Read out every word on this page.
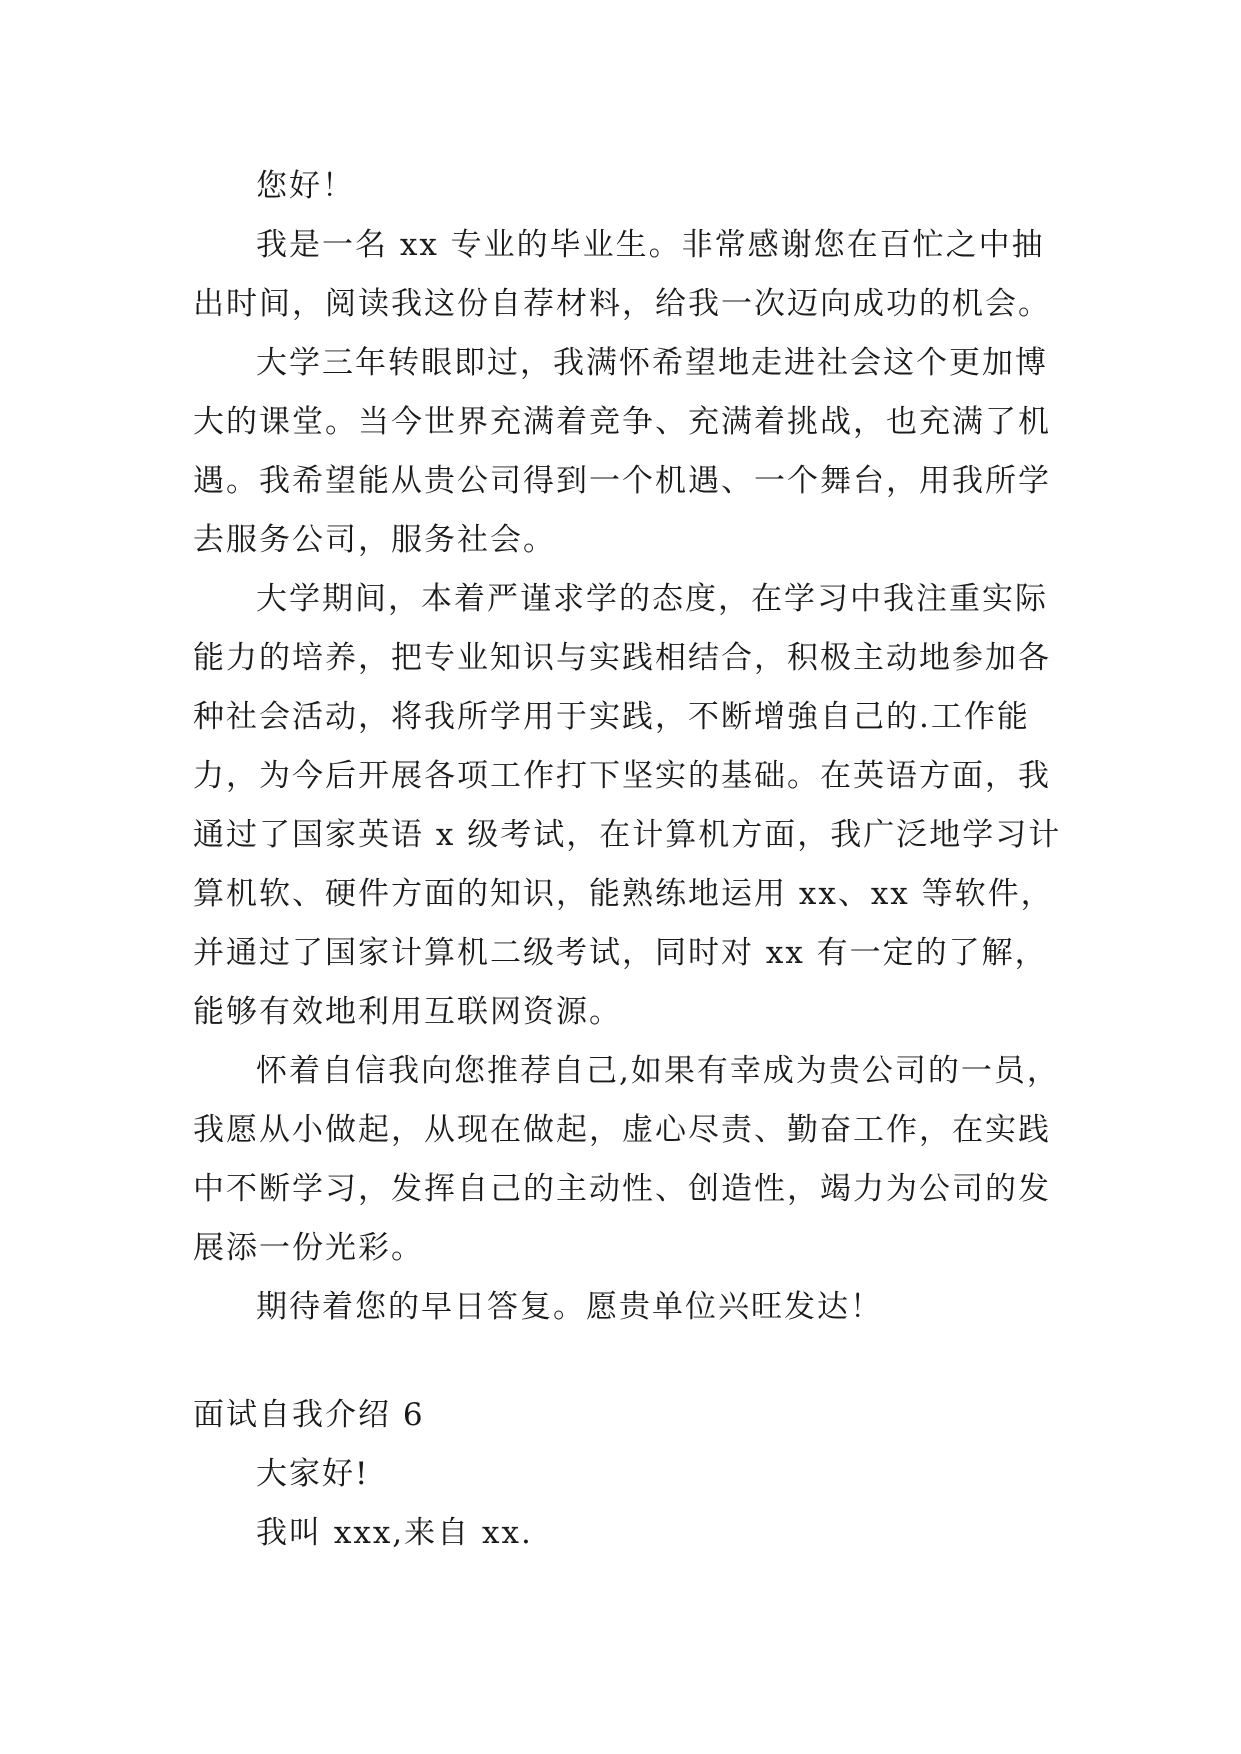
您好！
我是一名 xx 专业的毕业生。非常感谢您在百忙之中抽
出时间，阅读我这份自荐材料，给我一次迈向成功的机会。
大学三年转眼即过，我满怀希望地走进社会这个更加博
大的课堂。当今世界充满着竞争、充满着挑战，也充满了机
遇。我希望能从贵公司得到一个机遇、一个舞台，用我所学
去服务公司，服务社会。
大学期间，本着严谨求学的态度，在学习中我注重实际
能力的培养，把专业知识与实践相结合，积极主动地参加各
种社会活动，将我所学用于实践，不断增強自己的.工作能
力，为今后开展各项工作打下坚实的基础。在英语方面，我
通过了国家英语 x 级考试，在计算机方面，我广泛地学习计
算机软、硬件方面的知识，能熟练地运用 xx、xx 等软件，
并通过了国家计算机二级考试，同时对 xx 有一定的了解，
能够有效地利用互联网资源。
怀着自信我向您推荐自己,如果有幸成为贵公司的一员，
我愿从小做起，从现在做起，虚心尽责、勤奋工作，在实践
中不断学习，发挥自己的主动性、创造性，竭力为公司的发
展添一份光彩。
期待着您的早日答复。愿贵单位兴旺发达！
面试自我介绍 6
大家好!
我叫 xxx,来自 xx.
